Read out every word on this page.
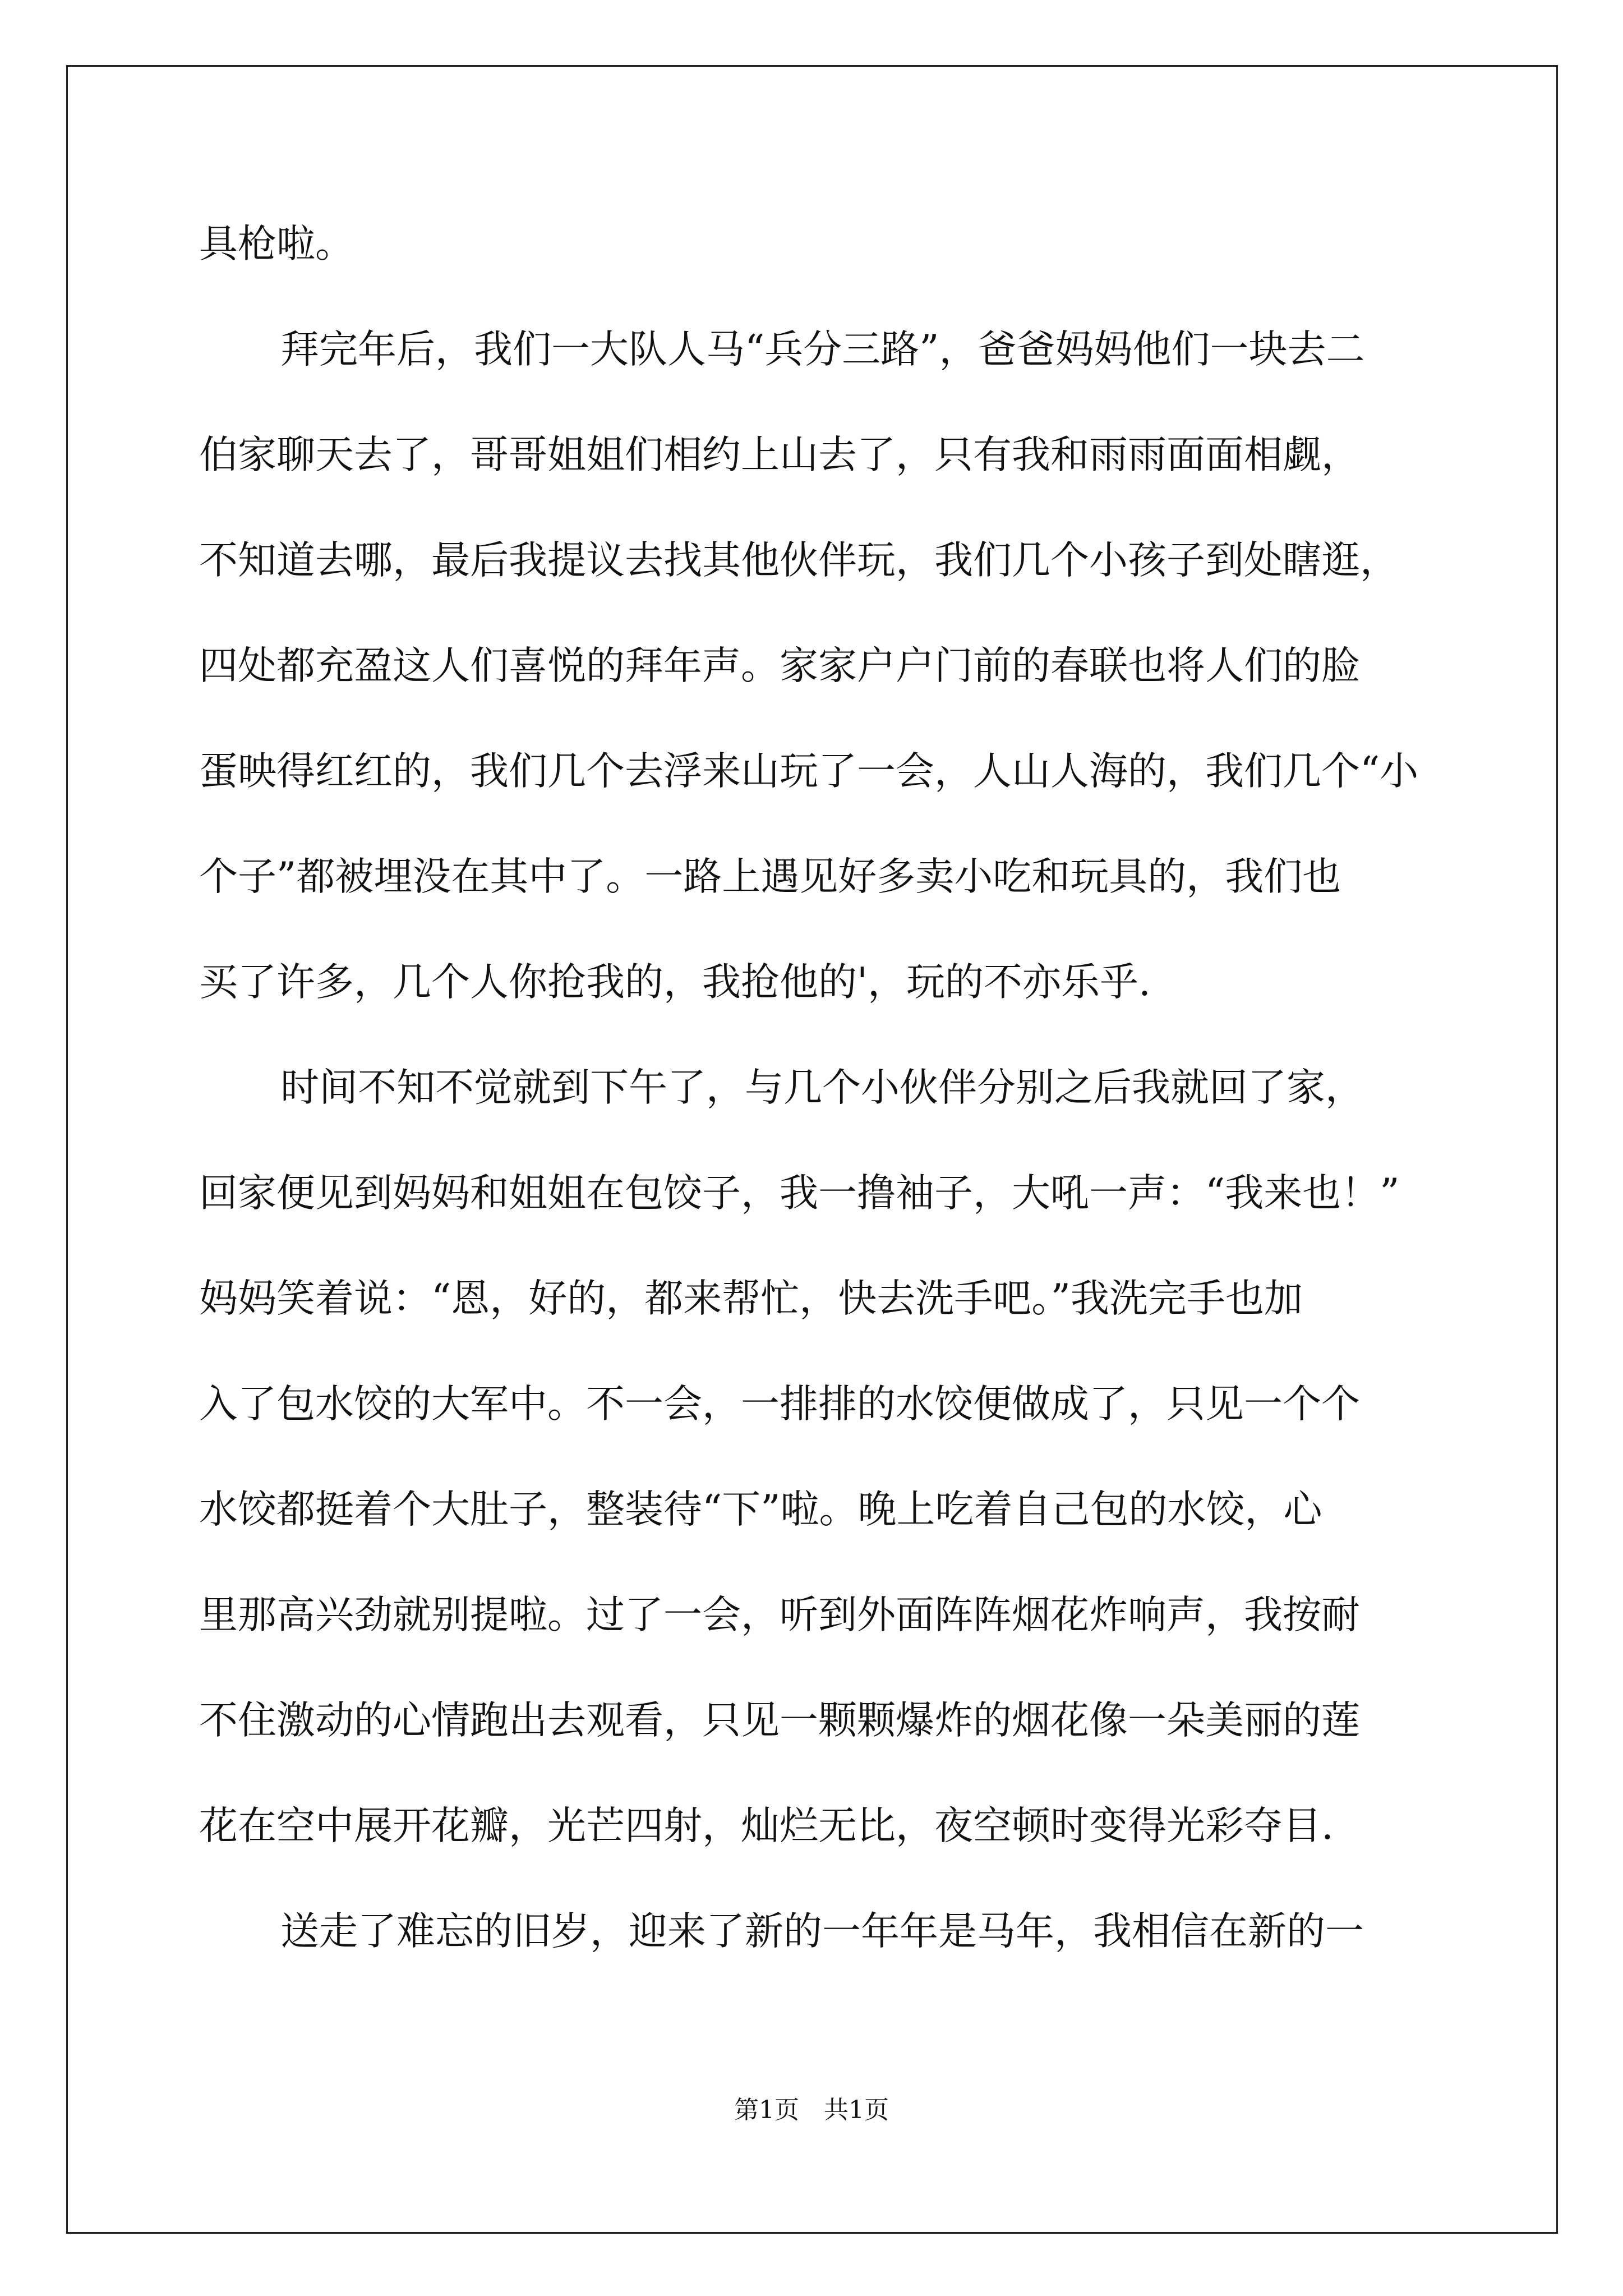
具枪啦。
拜完年后，我们一大队人马“兵分三路”，爸爸妈妈他们一块去二
伯家聊天去了，哥哥姐姐们相约上山去了，只有我和雨雨面面相觑，
不知道去哪，最后我提议去找其他伙伴玩，我们几个小孩子到处瞎逛，
四处都充盈这人们喜悦的拜年声。家家户户门前的春联也将人们的脸
蛋映得红红的，我们几个去浮来山玩了一会，人山人海的，我们几个“小
个子”都被埋没在其中了。一路上遇见好多卖小吃和玩具的，我们也
买了许多，几个人你抢我的，我抢他的'，玩的不亦乐乎.
时间不知不觉就到下午了，与几个小伙伴分别之后我就回了家，
回家便见到妈妈和姐姐在包饺子，我一撸袖子，大吼一声：“我来也！”
妈妈笑着说：“恩，好的，都来帮忙，快去洗手吧。”我洗完手也加
入了包水饺的大军中。不一会，一排排的水饺便做成了，只见一个个
水饺都挺着个大肚子，整装待“下”啦。晚上吃着自己包的水饺，心
里那高兴劲就别提啦。过了一会，听到外面阵阵烟花炸响声，我按耐
不住激动的心情跑出去观看，只见一颗颗爆炸的烟花像一朵美丽的莲
花在空中展开花瓣，光芒四射，灿烂无比，夜空顿时变得光彩夺目.
送走了难忘的旧岁，迎来了新的一年年是马年，我相信在新的一
第1页　共1页
